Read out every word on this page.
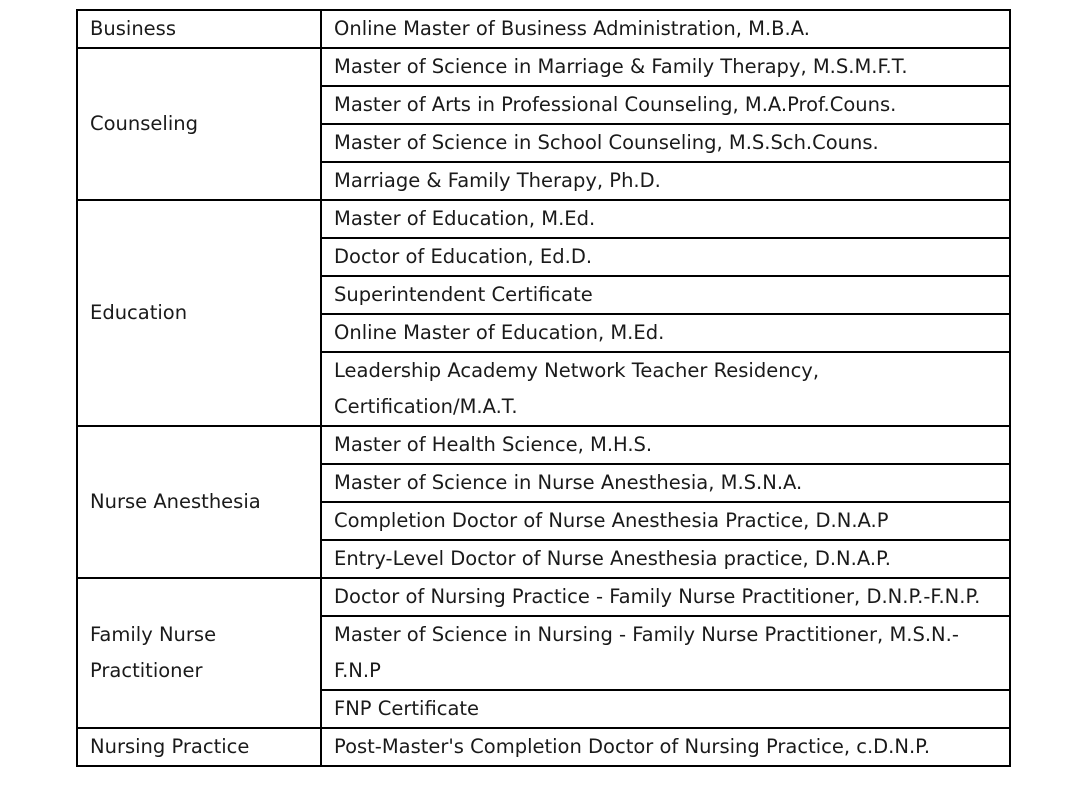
Business	Online Master of Business Administration, M.B.A.
Counseling	Master of Science in Marriage & Family Therapy, M.S.M.F.T.
	Master of Arts in Professional Counseling, M.A.Prof.Couns.
	Master of Science in School Counseling, M.S.Sch.Couns.
	Marriage & Family Therapy, Ph.D.
Education	Master of Education, M.Ed.
	Doctor of Education, Ed.D.
	Superintendent Certificate
	Online Master of Education, M.Ed.
	Leadership Academy Network Teacher Residency, Certification/M.A.T.
Nurse Anesthesia	Master of Health Science, M.H.S.
	Master of Science in Nurse Anesthesia, M.S.N.A.
	Completion Doctor of Nurse Anesthesia Practice, D.N.A.P
	Entry-Level Doctor of Nurse Anesthesia practice, D.N.A.P.
Family Nurse Practitioner	Doctor of Nursing Practice - Family Nurse Practitioner, D.N.P.-F.N.P.
	Master of Science in Nursing - Family Nurse Practitioner, M.S.N.-F.N.P
	FNP Certificate
Nursing Practice	Post-Master's Completion Doctor of Nursing Practice, c.D.N.P.
